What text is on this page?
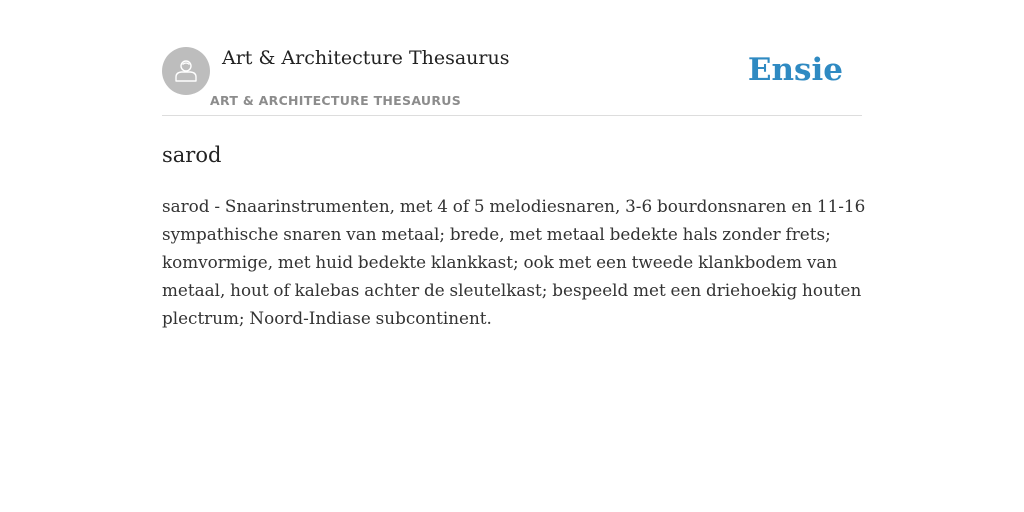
Art & Architecture Thesaurus
ART & ARCHITECTURE THESAURUS
Ensie
sarod

sarod - Snaarinstrumenten, met 4 of 5 melodiesnaren, 3-6 bourdonsnaren en 11-16 sympathische snaren van metaal; brede, met metaal bedekte hals zonder frets; komvormige, met huid bedekte klankkast; ook met een tweede klankbodem van metaal, hout of kalebas achter de sleutelkast; bespeeld met een driehoekig houten plectrum; Noord-Indiase subcontinent.
